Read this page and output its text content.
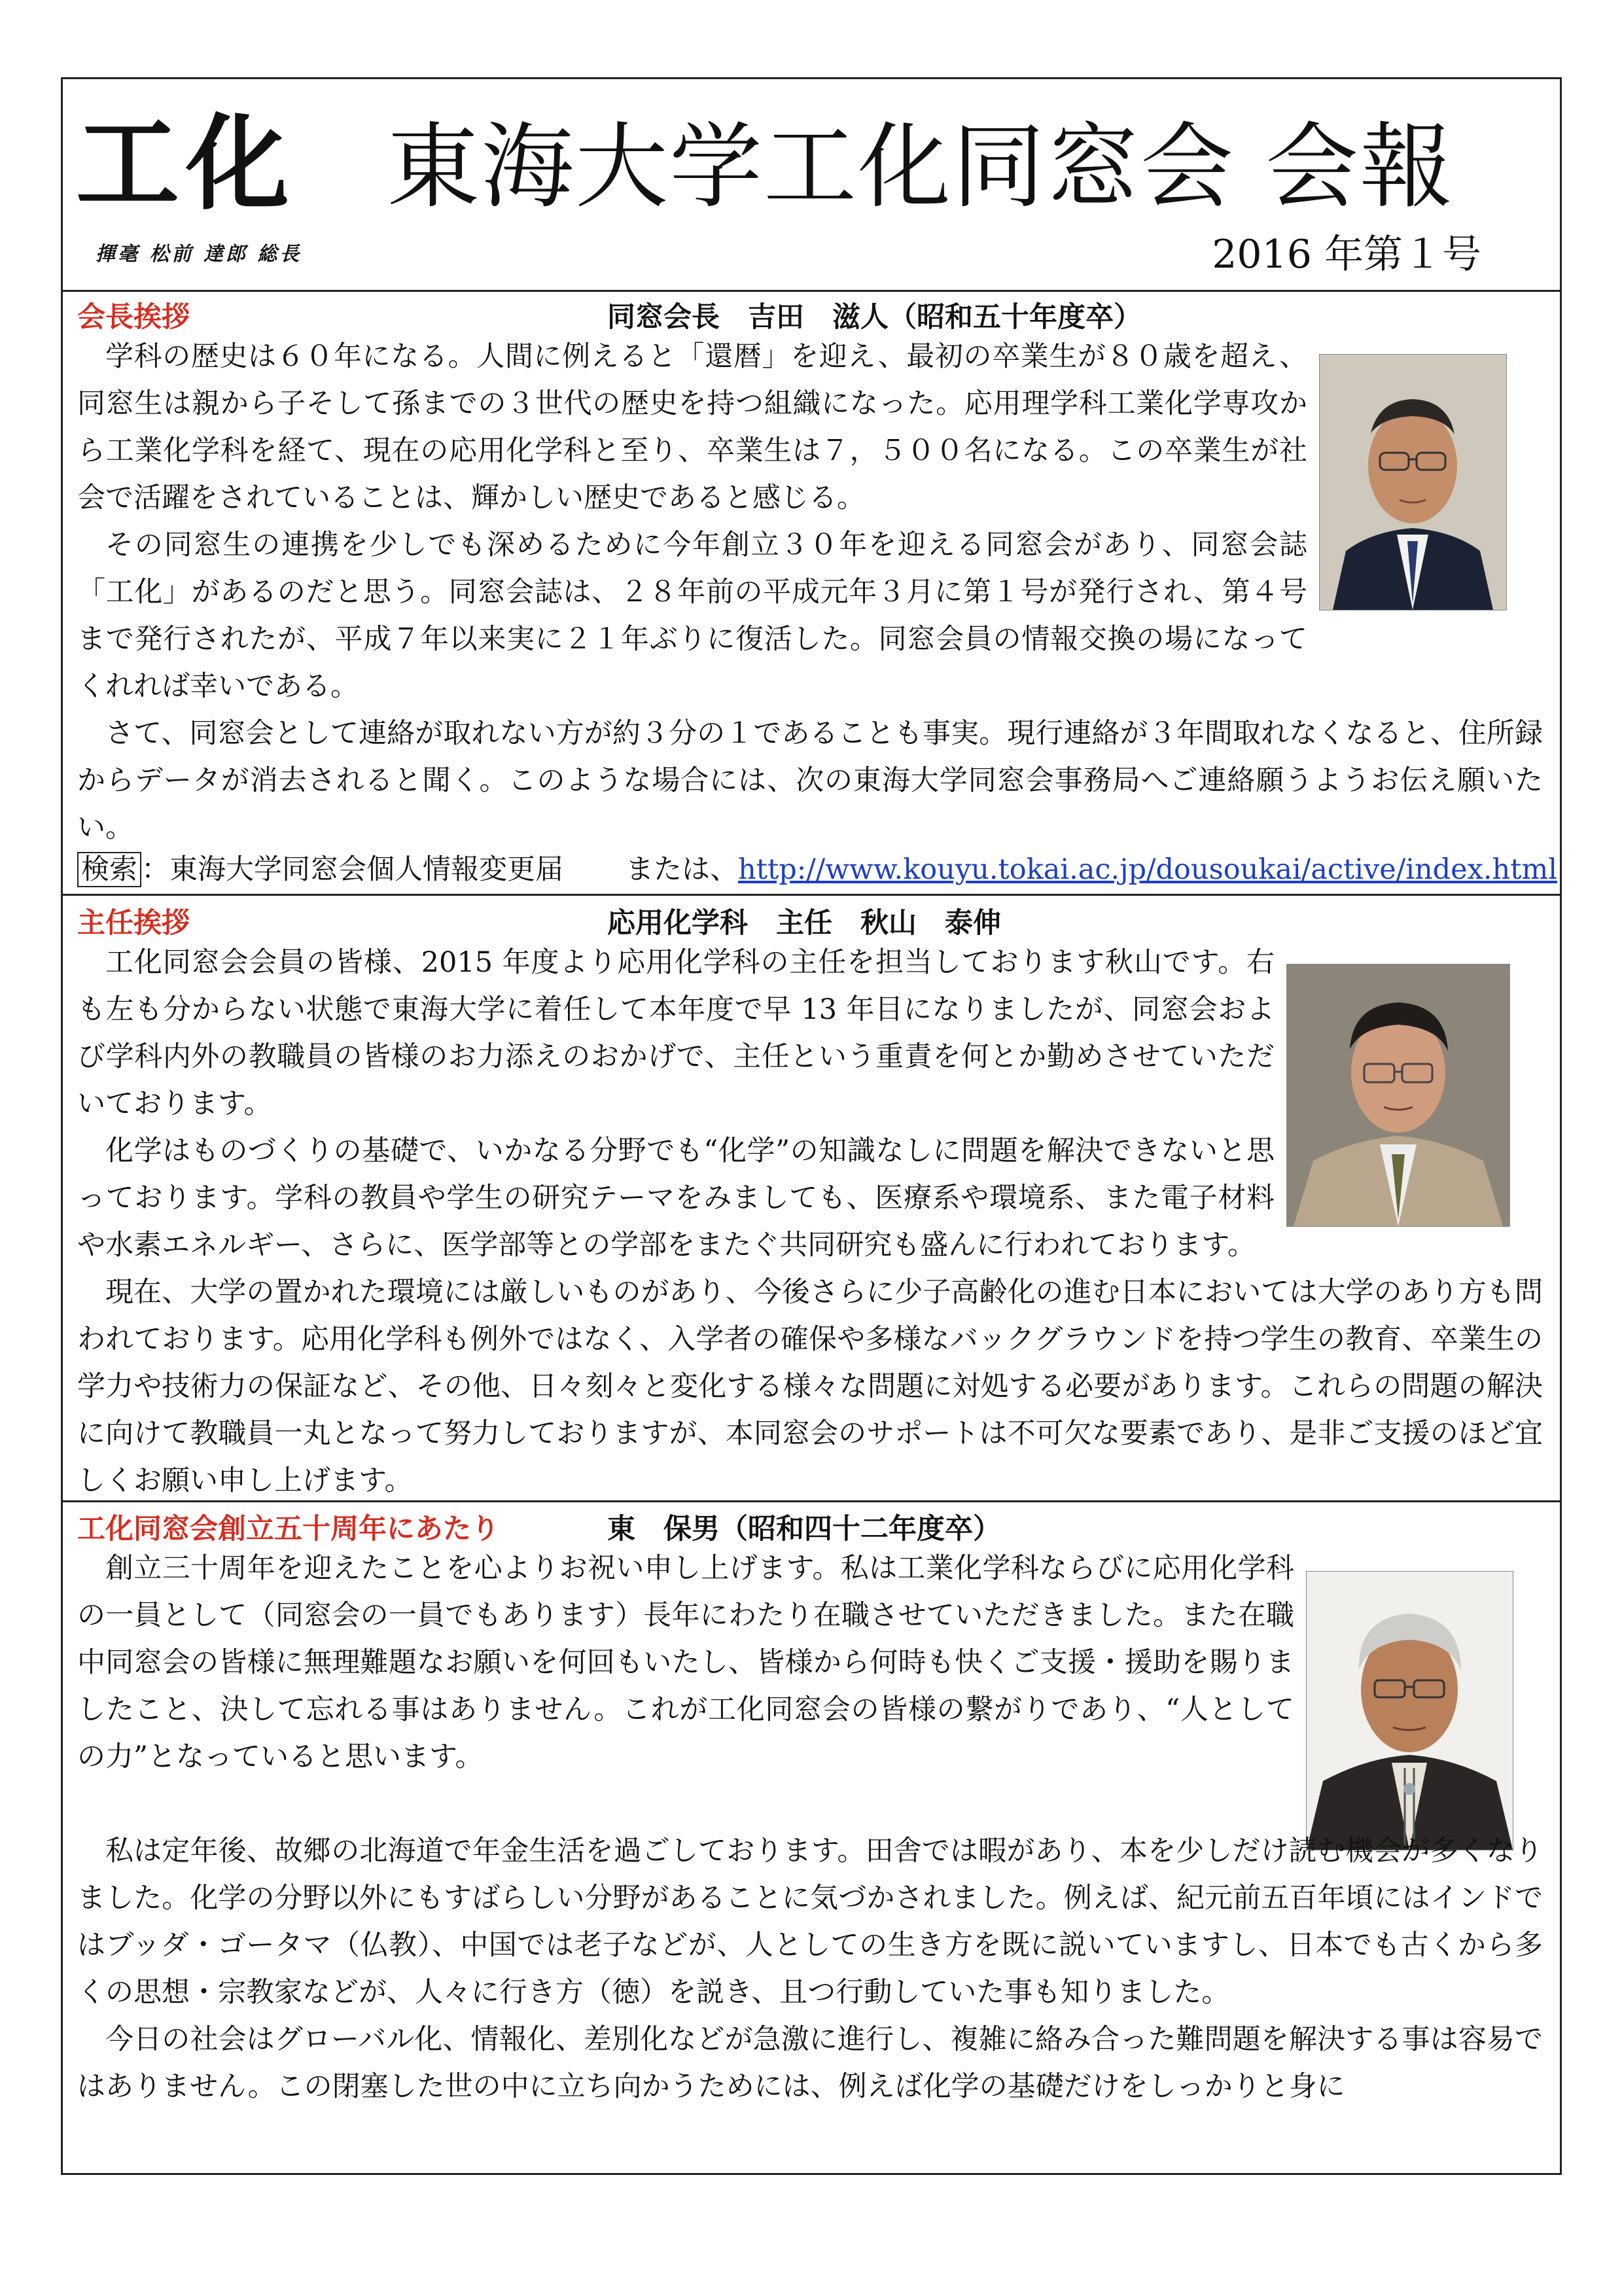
工化 東海大学工化同窓会 会報
揮毫 松前 達郎 総長	2016 年第１号
会長挨拶	同窓会長　吉田　滋人（昭和五十年度卒）

学科の歴史は６０年になる。人間に例えると「還暦」を迎え、最初の卒業生が８０歳を超え、同窓生は親から子そして孫までの３世代の歴史を持つ組織になった。応用理学科工業化学専攻から工業化学科を経て、現在の応用化学科と至り、卒業生は７，５００名になる。この卒業生が社会で活躍をされていることは、輝かしい歴史であると感じる。

その同窓生の連携を少しでも深めるために今年創立３０年を迎える同窓会があり、同窓会誌「工化」があるのだと思う。同窓会誌は、２８年前の平成元年３月に第１号が発行され、第４号まで発行されたが、平成７年以来実に２１年ぶりに復活した。同窓会員の情報交換の場になってくれれば幸いである。

さて、同窓会として連絡が取れない方が約３分の１であることも事実。現行連絡が３年間取れなくなると、住所録からデータが消去されると聞く。このような場合には、次の東海大学同窓会事務局へご連絡願うようお伝え願いたい。

検索 ：東海大学同窓会個人情報変更届 または、http://www.kouyu.tokai.ac.jp/dousoukai/active/index.html
主任挨拶	応用化学科　主任　秋山　泰伸

工化同窓会会員の皆様、2015 年度より応用化学科の主任を担当しております秋山です。右も左も分からない状態で東海大学に着任して本年度で早 13 年目になりましたが、同窓会および学科内外の教職員の皆様のお力添えのおかげで、主任という重責を何とか勤めさせていただいております。

化学はものづくりの基礎で、いかなる分野でも“化学”の知識なしに問題を解決できないと思っております。学科の教員や学生の研究テーマをみましても、医療系や環境系、また電子材料や水素エネルギー、さらに、医学部等との学部をまたぐ共同研究も盛んに行われております。

現在、大学の置かれた環境には厳しいものがあり、今後さらに少子高齢化の進む日本においては大学のあり方も問われております。応用化学科も例外ではなく、入学者の確保や多様なバックグラウンドを持つ学生の教育、卒業生の学力や技術力の保証など、その他、日々刻々と変化する様々な問題に対処する必要があります。これらの問題の解決に向けて教職員一丸となって努力しておりますが、本同窓会のサポートは不可欠な要素であり、是非ご支援のほど宜しくお願い申し上げます。

工化同窓会創立五十周年にあたり	東　保男（昭和四十二年度卒）

創立三十周年を迎えたことを心よりお祝い申し上げます。私は工業化学科ならびに応用化学科の一員として（同窓会の一員でもあります）長年にわたり在職させていただきました。また在職中同窓会の皆様に無理難題なお願いを何回もいたし、皆様から何時も快くご支援・援助を賜りましたこと、決して忘れる事はありません。これが工化同窓会の皆様の繋がりであり、“人としての力”となっていると思います。

私は定年後、故郷の北海道で年金生活を過ごしております。田舎では暇があり、本を少しだけ読む機会が多くなりました。化学の分野以外にもすばらしい分野があることに気づかされました。例えば、紀元前五百年頃にはインドではブッダ・ゴータマ（仏教）、中国では老子などが、人としての生き方を既に説いていますし、日本でも古くから多くの思想・宗教家などが、人々に行き方（徳）を説き、且つ行動していた事も知りました。

今日の社会はグローバル化、情報化、差別化などが急激に進行し、複雑に絡み合った難問題を解決する事は容易ではありません。この閉塞した世の中に立ち向かうためには、例えば化学の基礎だけをしっかりと身に
